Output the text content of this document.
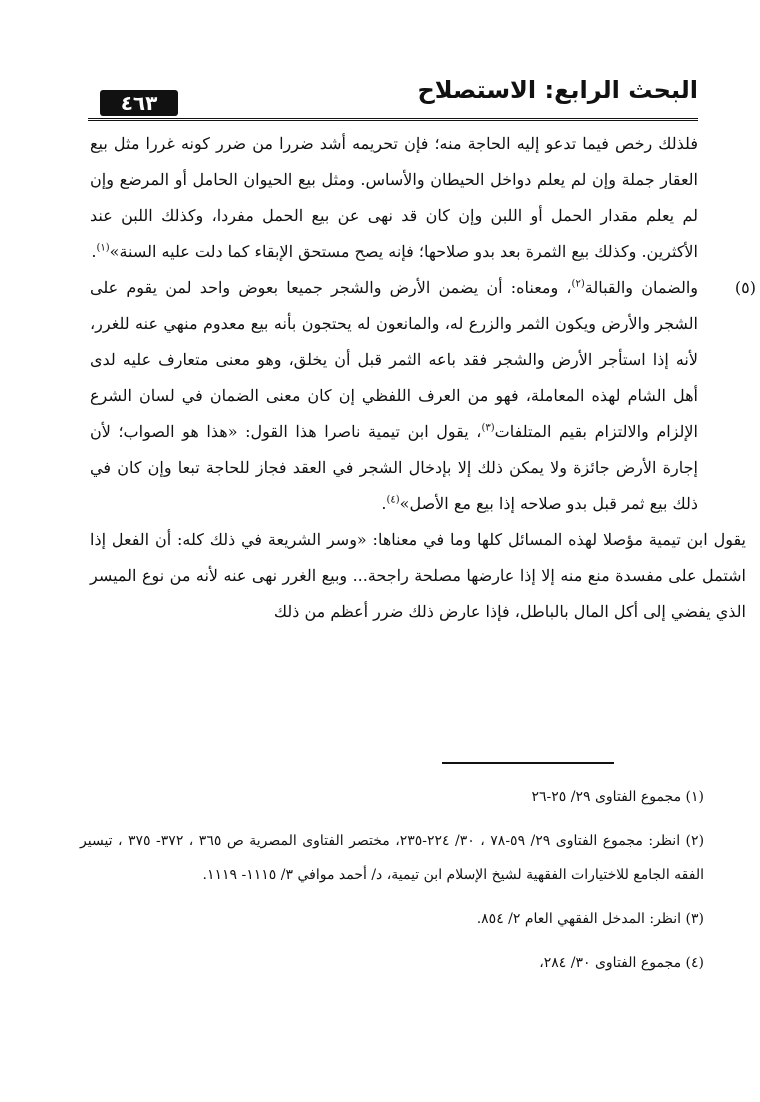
البحث الرابع: الاستصلاح
٤٦٣

فلذلك رخص فيما تدعو إليه الحاجة منه؛ فإن تحريمه أشد ضررا من ضرر كونه غررا مثل بيع العقار جملة وإن لم يعلم دواخل الحيطان والأساس. ومثل بيع الحيوان الحامل أو المرضع وإن لم يعلم مقدار الحمل أو اللبن وإن كان قد نهى عن بيع الحمل مفردا، وكذلك اللبن عند الأكثرين. وكذلك بيع الثمرة بعد بدو صلاحها؛ فإنه يصح مستحق الإبقاء كما دلت عليه السنة»$^{(١)}$.

(٥)
والضمان والقبالة$^{(٢)}$، ومعناه: أن يضمن الأرض والشجر جميعا بعوض واحد لمن يقوم على الشجر والأرض ويكون الثمر والزرع له، والمانعون له يحتجون بأنه بيع معدوم منهي عنه للغرر، لأنه إذا استأجر الأرض والشجر فقد باعه الثمر قبل أن يخلق، وهو معنى متعارف عليه لدى أهل الشام لهذه المعاملة، فهو من العرف اللفظي إن كان معنى الضمان في لسان الشرع الإلزام والالتزام بقيم المتلفات$^{(٣)}$، يقول ابن تيمية ناصرا هذا القول: «هذا هو الصواب؛ لأن إجارة الأرض جائزة ولا يمكن ذلك إلا بإدخال الشجر في العقد فجاز للحاجة تبعا وإن كان في ذلك بيع ثمر قبل بدو صلاحه إذا بيع مع الأصل»$^{(٤)}$.

يقول ابن تيمية مؤصلا لهذه المسائل كلها وما في معناها: «وسر الشريعة في ذلك كله: أن الفعل إذا اشتمل على مفسدة منع منه إلا إذا عارضها مصلحة راجحة... وبيع الغرر نهى عنه لأنه من نوع الميسر الذي يفضي إلى أكل المال بالباطل، فإذا عارض ذلك ضرر أعظم من ذلك

(١) مجموع الفتاوى ٢٩/ ٢٥-٢٦

(٢) انظر: مجموع الفتاوى ٢٩/ ٥٩-٧٨ ، ٣٠/ ٢٢٤-٢٣٥، مختصر الفتاوى المصرية ص ٣٦٥ ، ٣٧٢- ٣٧٥ ، تيسير الفقه الجامع للاختيارات الفقهية لشيخ الإسلام ابن تيمية، د/ أحمد موافي ٣/ ١١١٥- ١١١٩.

(٣) انظر: المدخل الفقهي العام ٢/ ٨٥٤.

(٤) مجموع الفتاوى ٣٠/ ٢٨٤،
